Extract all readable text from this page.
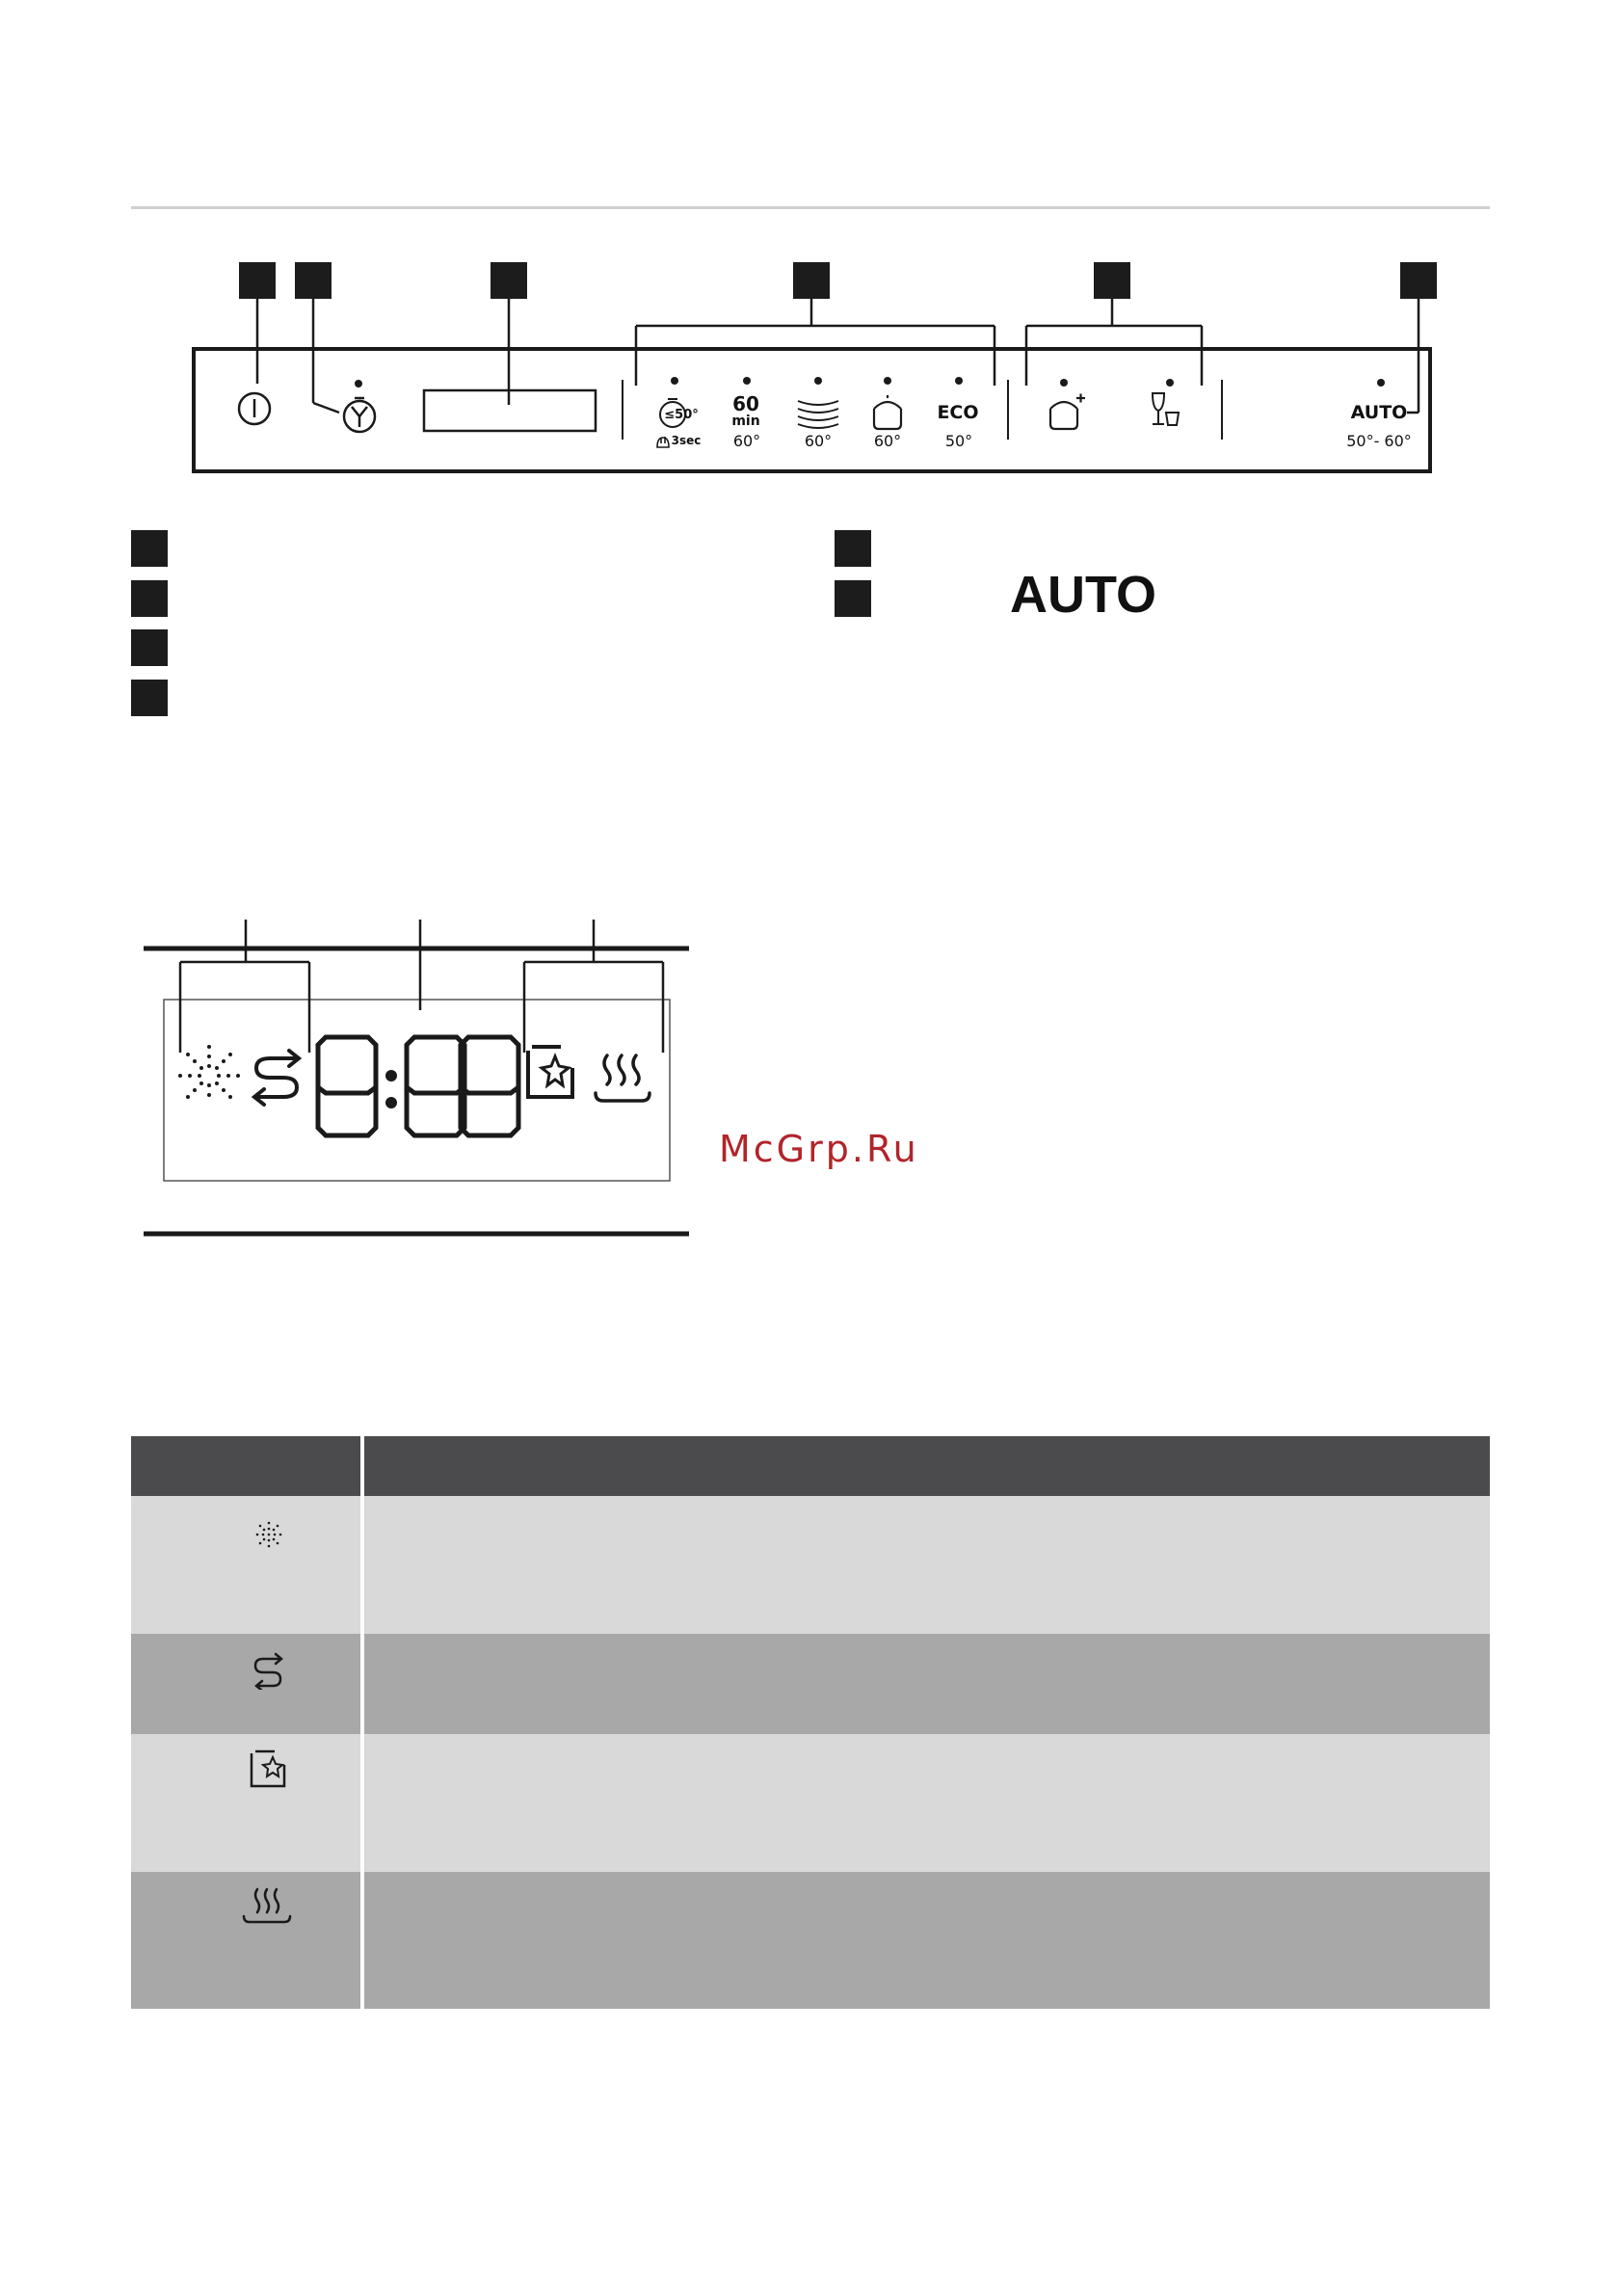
≤50°
3sec
60
min
60°	60°	60°
ECO
50°
AUTO
50°- 60°
AUTO
McGrp.Ru
